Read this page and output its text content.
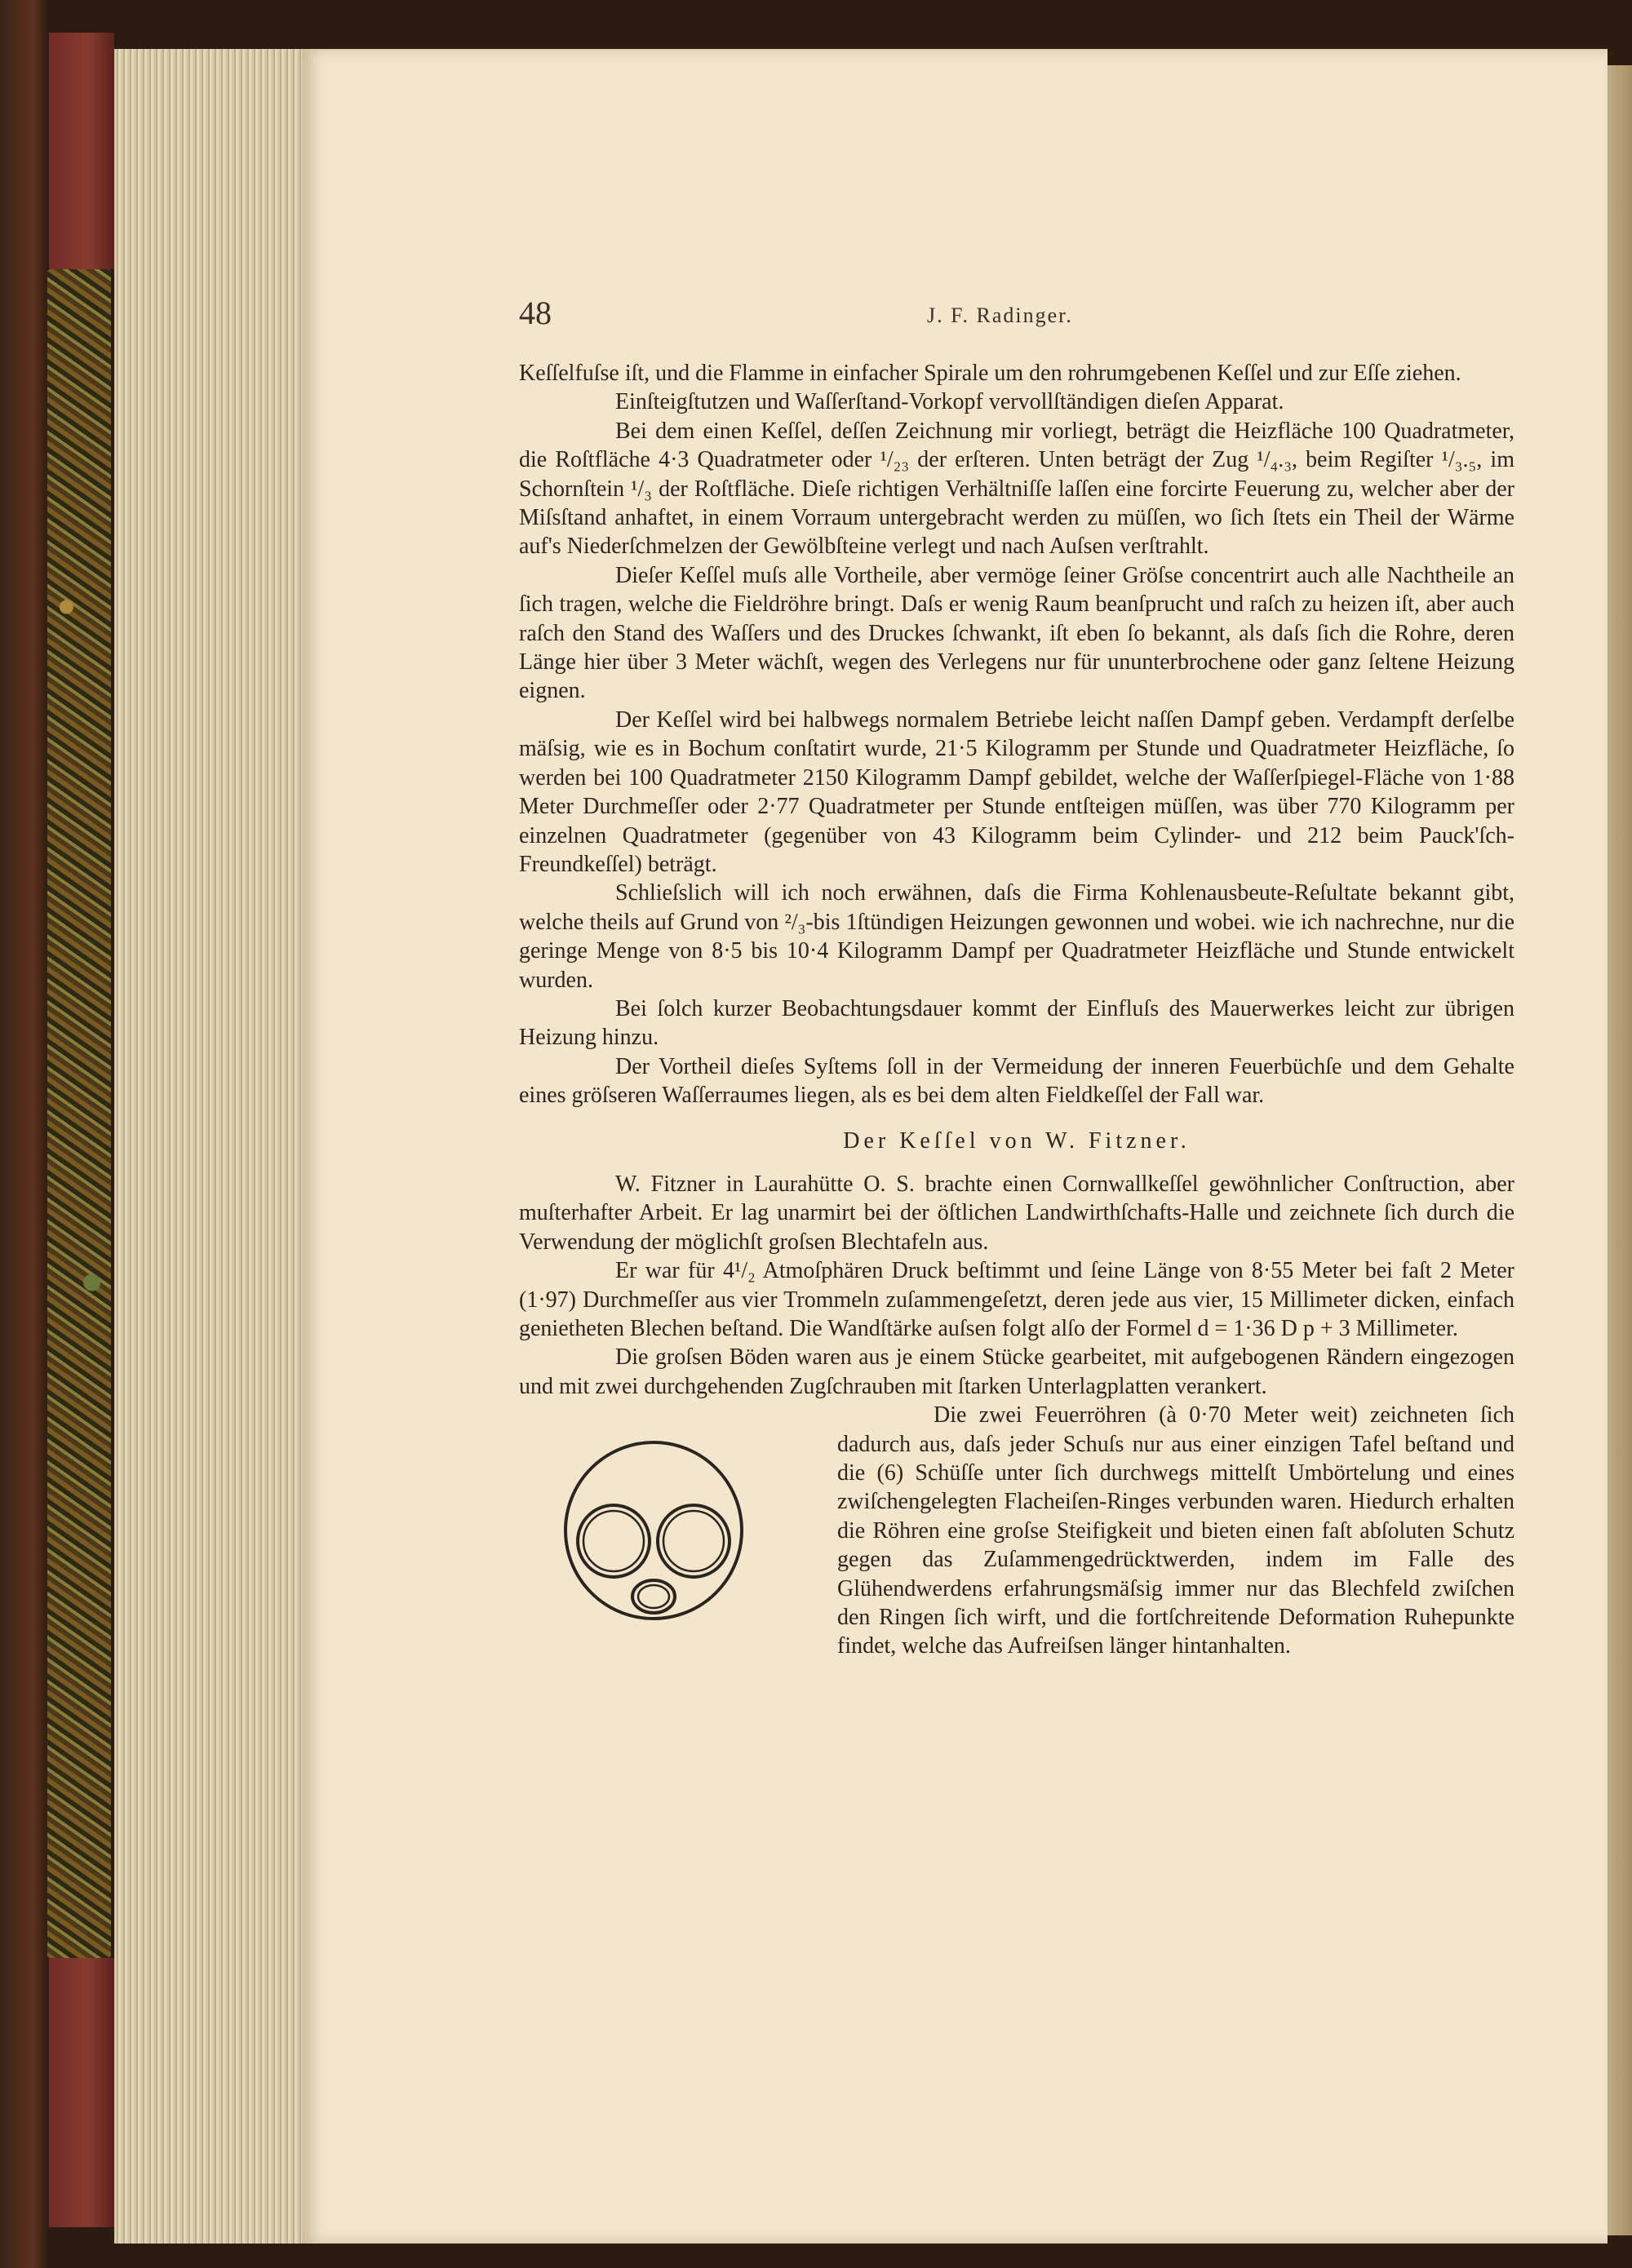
48	J. F. Radinger.

Keſſelfuſse iſt, und die Flamme in einfacher Spirale um den rohrumgebenen Keſſel und zur Eſſe ziehen.

Einſteigſtutzen und Waſſerſtand-Vorkopf vervollſtändigen dieſen Apparat.

Bei dem einen Keſſel, deſſen Zeichnung mir vorliegt, beträgt die Heizfläche 100 Quadratmeter, die Roſtfläche 4·3 Quadratmeter oder ¹/₂₃ der erſteren. Unten beträgt der Zug ¹/₄.₃, beim Regiſter ¹/₃.₅, im Schornſtein ¹/₃ der Roſtfläche. Dieſe richtigen Verhältniſſe laſſen eine forcirte Feuerung zu, welcher aber der Miſsſtand anhaftet, in einem Vorraum untergebracht werden zu müſſen, wo ſich ſtets ein Theil der Wärme auf's Niederſchmelzen der Gewölbſteine verlegt und nach Auſsen verſtrahlt.

Dieſer Keſſel muſs alle Vortheile, aber vermöge ſeiner Gröſse concentrirt auch alle Nachtheile an ſich tragen, welche die Fieldröhre bringt. Daſs er wenig Raum beanſprucht und raſch zu heizen iſt, aber auch raſch den Stand des Waſſers und des Druckes ſchwankt, iſt eben ſo bekannt, als daſs ſich die Rohre, deren Länge hier über 3 Meter wächſt, wegen des Verlegens nur für ununterbrochene oder ganz ſeltene Heizung eignen.

Der Keſſel wird bei halbwegs normalem Betriebe leicht naſſen Dampf geben. Verdampft derſelbe mäſsig, wie es in Bochum conſtatirt wurde, 21·5 Kilogramm per Stunde und Quadratmeter Heizfläche, ſo werden bei 100 Quadratmeter 2150 Kilogramm Dampf gebildet, welche der Waſſerſpiegel-Fläche von 1·88 Meter Durchmeſſer oder 2·77 Quadratmeter per Stunde entſteigen müſſen, was über 770 Kilogramm per einzelnen Quadratmeter (gegenüber von 43 Kilogramm beim Cylinder- und 212 beim Pauck'ſch-Freundkeſſel) beträgt.

Schlieſslich will ich noch erwähnen, daſs die Firma Kohlenausbeute-Reſultate bekannt gibt, welche theils auf Grund von ²/₃-bis 1ſtündigen Heizungen gewonnen und wobei. wie ich nachrechne, nur die geringe Menge von 8·5 bis 10·4 Kilogramm Dampf per Quadratmeter Heizfläche und Stunde entwickelt wurden.

Bei ſolch kurzer Beobachtungsdauer kommt der Einfluſs des Mauerwerkes leicht zur übrigen Heizung hinzu.

Der Vortheil dieſes Syſtems ſoll in der Vermeidung der inneren Feuerbüchſe und dem Gehalte eines gröſseren Waſſerraumes liegen, als es bei dem alten Fieldkeſſel der Fall war.

Der Keſſel von W. Fitzner.

W. Fitzner in Laurahütte O. S. brachte einen Cornwallkeſſel gewöhnlicher Conſtruction, aber muſterhafter Arbeit. Er lag unarmirt bei der öſtlichen Landwirthſchafts-Halle und zeichnete ſich durch die Verwendung der möglichſt groſsen Blechtafeln aus.

Er war für 4¹/₂ Atmoſphären Druck beſtimmt und ſeine Länge von 8·55 Meter bei faſt 2 Meter (1·97) Durchmeſſer aus vier Trommeln zuſammengeſetzt, deren jede aus vier, 15 Millimeter dicken, einfach genietheten Blechen beſtand. Die Wandſtärke auſsen folgt alſo der Formel d = 1·36 D p + 3 Millimeter.

Die groſsen Böden waren aus je einem Stücke gearbeitet, mit aufgebogenen Rändern eingezogen und mit zwei durchgehenden Zugſchrauben mit ſtarken Unterlagplatten verankert.

Die zwei Feuerröhren (à 0·70 Meter weit) zeichneten ſich dadurch aus, daſs jeder Schuſs nur aus einer einzigen Tafel beſtand und die (6) Schüſſe unter ſich durchwegs mittelſt Umbörtelung und eines zwiſchengelegten Flacheiſen-Ringes verbunden waren. Hiedurch erhalten die Röhren eine groſse Steifigkeit und bieten einen faſt abſoluten Schutz gegen das Zuſammengedrücktwerden, indem im Falle des Glühendwerdens erfahrungsmäſsig immer nur das Blechfeld zwiſchen den Ringen ſich wirft, und die fortſchreitende Deformation Ruhepunkte findet, welche das Aufreiſsen länger hintanhalten.
